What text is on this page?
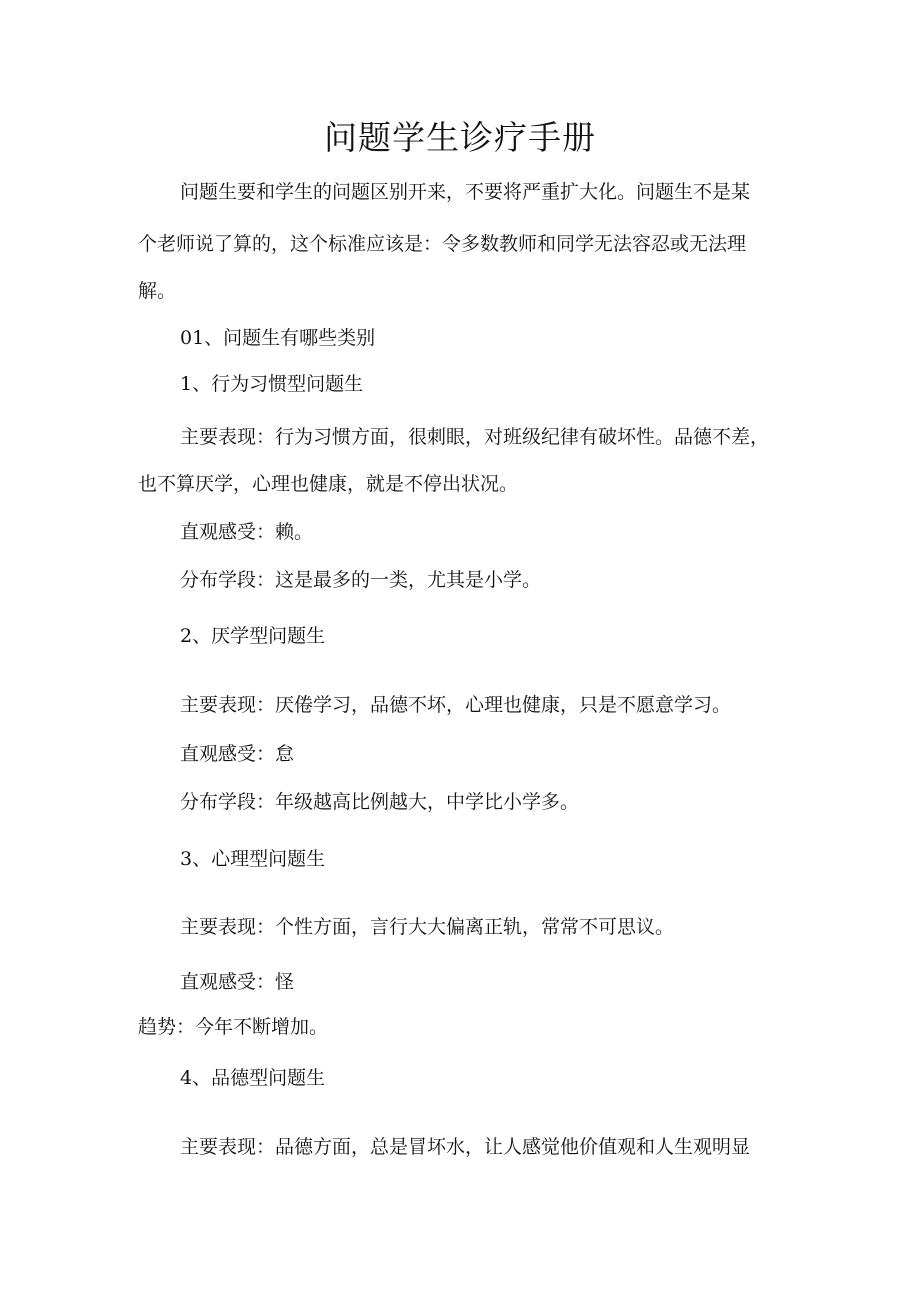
问题学生诊疗手册

问题生要和学生的问题区别开来，不要将严重扩大化。问题生不是某

个老师说了算的，这个标准应该是：令多数教师和同学无法容忍或无法理

解。

01、问题生有哪些类别

1、行为习惯型问题生

主要表现：行为习惯方面，很刺眼，对班级纪律有破坏性。品德不差，

也不算厌学，心理也健康，就是不停出状况。

直观感受：赖。

分布学段：这是最多的一类，尤其是小学。

2、厌学型问题生

主要表现：厌倦学习，品德不坏，心理也健康，只是不愿意学习。

直观感受：怠

分布学段：年级越高比例越大，中学比小学多。

3、心理型问题生

主要表现：个性方面，言行大大偏离正轨，常常不可思议。

直观感受：怪

趋势：今年不断增加。

4、品德型问题生

主要表现：品德方面，总是冒坏水，让人感觉他价值观和人生观明显
